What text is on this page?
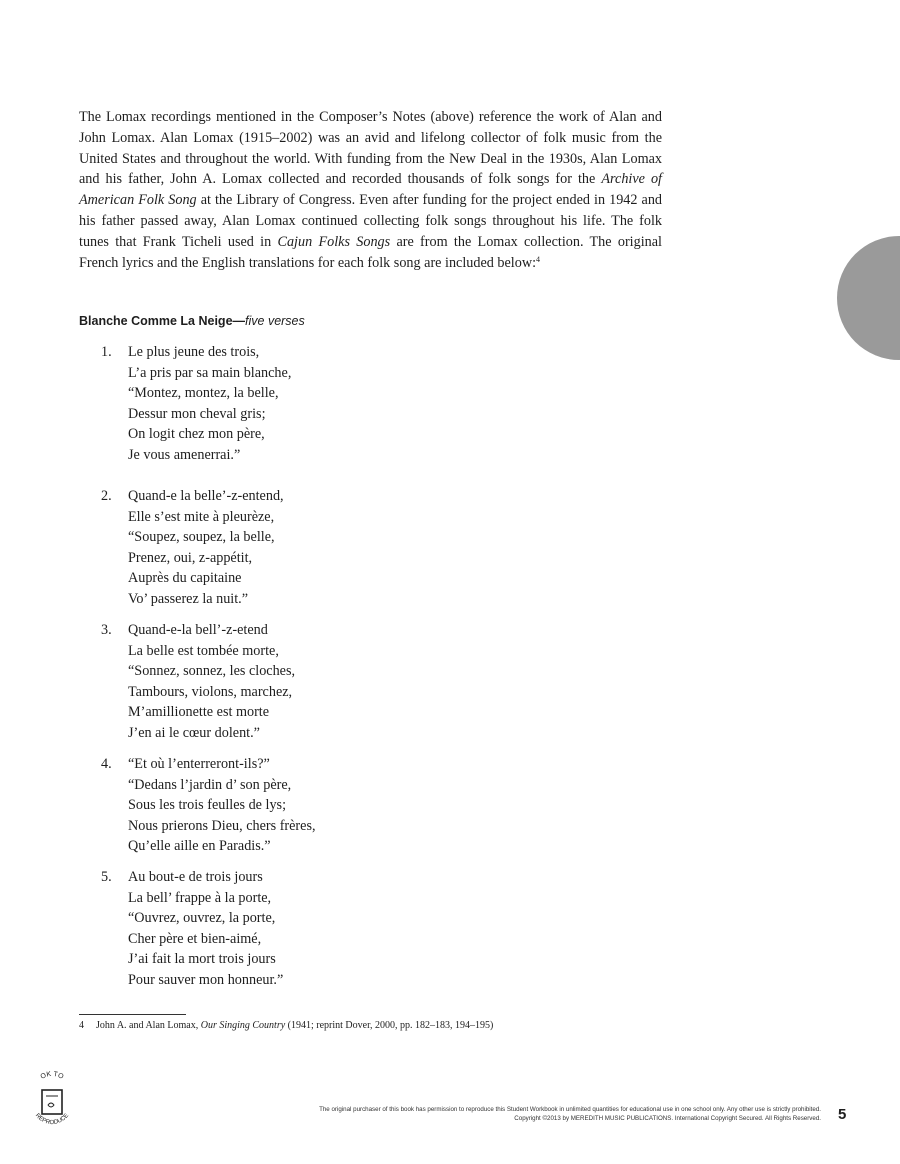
The Lomax recordings mentioned in the Composer’s Notes (above) reference the work of Alan and John Lomax. Alan Lomax (1915–2002) was an avid and lifelong collector of folk music from the United States and throughout the world. With funding from the New Deal in the 1930s, Alan Lomax and his father, John A. Lomax collected and recorded thousands of folk songs for the Archive of American Folk Song at the Library of Congress. Even after funding for the project ended in 1942 and his father passed away, Alan Lomax continued collecting folk songs throughout his life. The folk tunes that Frank Ticheli used in Cajun Folks Songs are from the Lomax collection. The original French lyrics and the English translations for each folk song are included below:$^4$

Blanche Comme La Neige—five verses
1.	Le plus jeune des trois,
L’a pris par sa main blanche,
“Montez, montez, la belle,
Dessur mon cheval gris;
On logit chez mon père,
Je vous amenerrai.”
2.	Quand-e la belle’-z-entend,
Elle s’est mite à pleurèze,
“Soupez, soupez, la belle,
Prenez, oui, z-appétit,
Auprès du capitaine
Vo’ passerez la nuit.”
3.	Quand-e-la bell’-z-etend
La belle est tombée morte,
“Sonnez, sonnez, les cloches,
Tambours, violons, marchez,
M’amillionette est morte
J’en ai le cœur dolent.”
4.	“Et où l’enterreront-ils?”
“Dedans l’jardin d’ son père,
Sous les trois feulles de lys;
Nous prierons Dieu, chers frères,
Qu’elle aille en Paradis.”
5.	Au bout-e de trois jours
La bell’ frappe à la porte,
“Ouvrez, ouvrez, la porte,
Cher père et bien-aimé,
J’ai fait la mort trois jours
Pour sauver mon honneur.”
4 John A. and Alan Lomax, Our Singing Country (1941; reprint Dover, 2000, pp. 182–183, 194–195)
OK TO
REPRODUCE
The original purchaser of this book has permission to reproduce this Student Workbook in unlimited quantities for educational use in one school only. Any other use is strictly prohibited.
Copyright ©2013 by MEREDITH MUSIC PUBLICATIONS. International Copyright Secured. All Rights Reserved. 5
